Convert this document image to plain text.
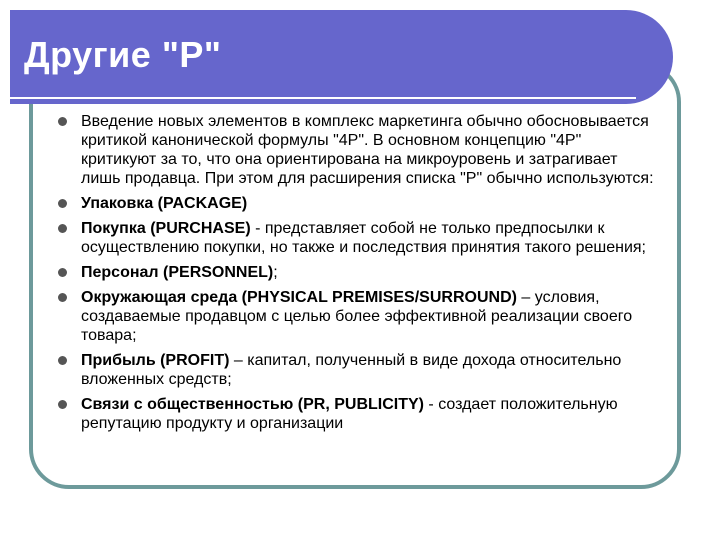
Другие "Р"
Введение новых элементов в комплекс маркетинга обычно обосновывается критикой канонической формулы "4Р". В основном концепцию "4Р" критикуют за то, что она ориентирована на микроуровень и затрагивает лишь продавца. При этом для расширения списка "Р" обычно используются:
Упаковка (PACKAGE)
Покупка (PURCHASE) - представляет собой не только предпосылки к осуществлению покупки, но также и последствия принятия такого решения;
Персонал (PERSONNEL);
Окружающая среда (PHYSICAL PREMISES/SURROUND) – условия, создаваемые продавцом с целью более эффективной реализации своего товара;
Прибыль (PROFIT) – капитал, полученный в виде дохода относительно вложенных средств;
Связи с общественностью (PR, PUBLICITY) - создает положительную репутацию продукту и организации
